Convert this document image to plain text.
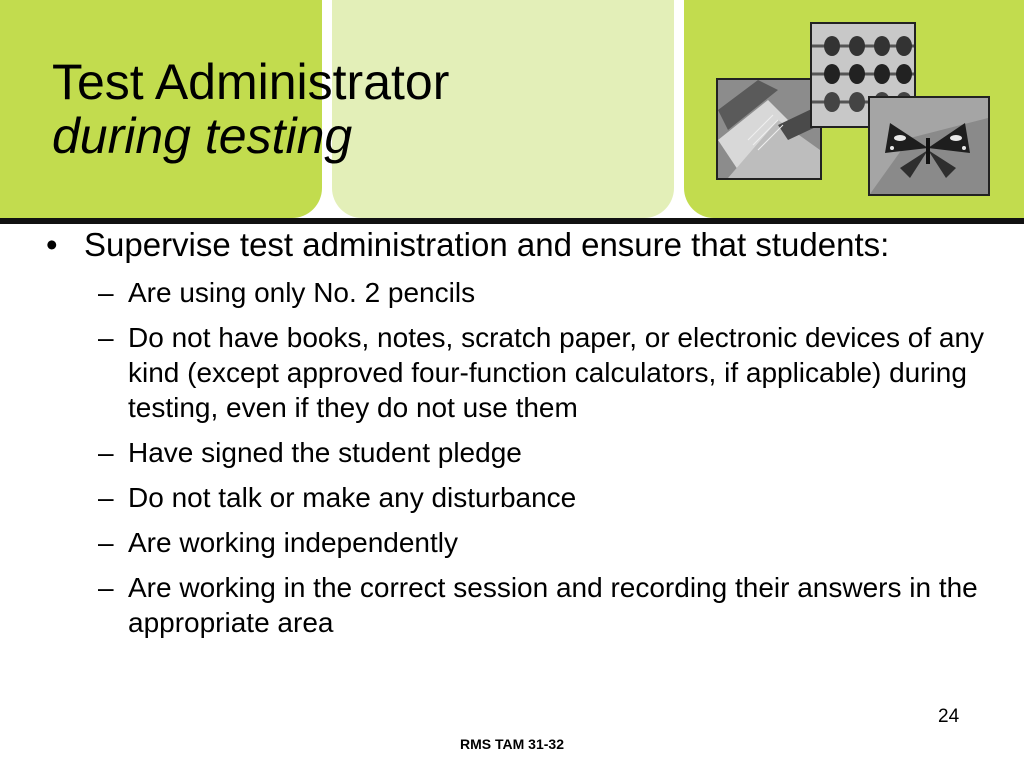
Test Administrator
during testing
• Supervise test administration and ensure that students:
– Are using only No. 2 pencils
– Do not have books, notes, scratch paper, or electronic devices of any kind (except approved four-function calculators, if applicable) during testing, even if they do not use them
– Have signed the student pledge
– Do not talk or make any disturbance
– Are working independently
– Are working in the correct session and recording their answers in the appropriate area
24
RMS TAM 31-32
